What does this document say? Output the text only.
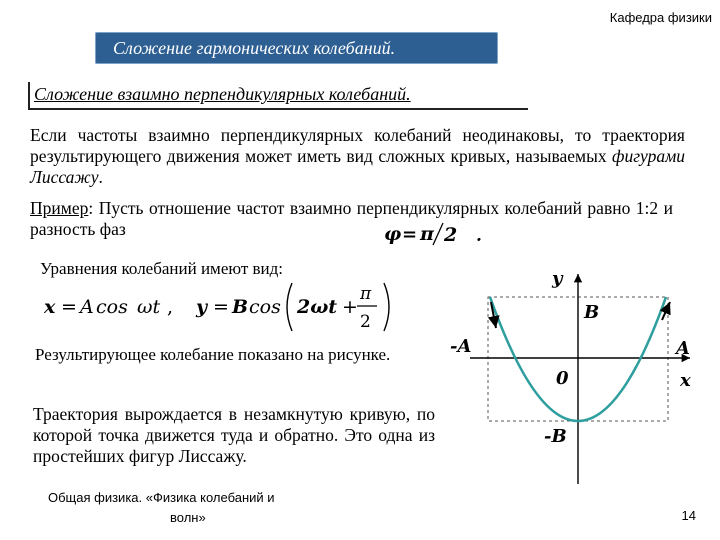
Кафедра физики
Сложение гармонических колебаний.
Сложение взаимно перпендикулярных колебаний.
Если частоты взаимно перпендикулярных колебаний неодинаковы, то траектория результирующего движения может иметь вид сложных кривых, называемых фигурами Лиссажу.
Пример: Пусть отношение частот взаимно перпендикулярных колебаний равно 1:2 и разность фаз	φ = π 2 .
Уравнения колебаний имеют вид:
x = A cos ωt , y = B cos 2ωt +
π
2
Результирующее колебание показано на рисунке.
Траектория вырождается в незамкнутую кривую, по которой точка движется туда и обратно. Это одна из простейших фигур Лиссажу.
y
x
B
-A	A
0
-B
Общая физика. «Физика колебаний и
волн»	14
